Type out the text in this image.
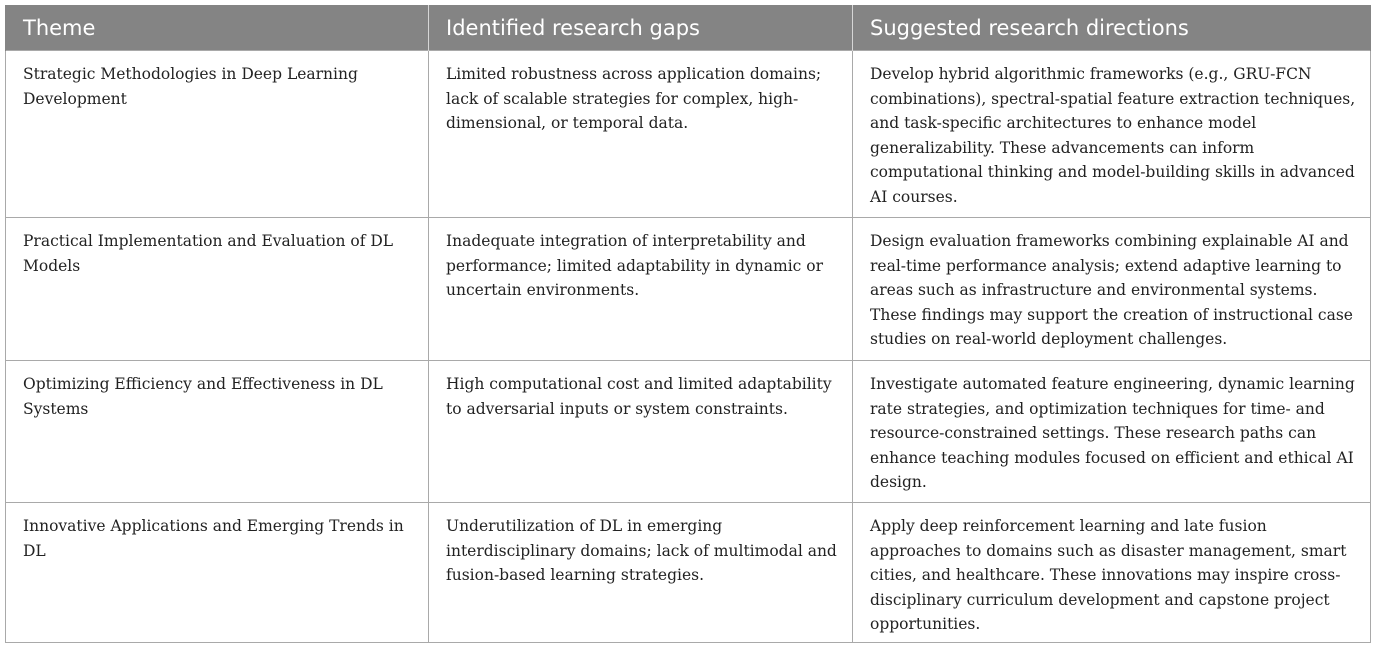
Theme	Identified research gaps	Suggested research directions
Strategic Methodologies in Deep Learning Development	Limited robustness across application domains; lack of scalable strategies for complex, high-dimensional, or temporal data.	Develop hybrid algorithmic frameworks (e.g., GRU-FCN combinations), spectral-spatial feature extraction techniques, and task-specific architectures to enhance model generalizability. These advancements can inform computational thinking and model-building skills in advanced AI courses.
Practical Implementation and Evaluation of DL Models	Inadequate integration of interpretability and performance; limited adaptability in dynamic or uncertain environments.	Design evaluation frameworks combining explainable AI and real-time performance analysis; extend adaptive learning to areas such as infrastructure and environmental systems. These findings may support the creation of instructional case studies on real-world deployment challenges.
Optimizing Efficiency and Effectiveness in DL Systems	High computational cost and limited adaptability to adversarial inputs or system constraints.	Investigate automated feature engineering, dynamic learning rate strategies, and optimization techniques for time- and resource-constrained settings. These research paths can enhance teaching modules focused on efficient and ethical AI design.
Innovative Applications and Emerging Trends in DL	Underutilization of DL in emerging interdisciplinary domains; lack of multimodal and fusion-based learning strategies.	Apply deep reinforcement learning and late fusion approaches to domains such as disaster management, smart cities, and healthcare. These innovations may inspire cross-disciplinary curriculum development and capstone project opportunities.
